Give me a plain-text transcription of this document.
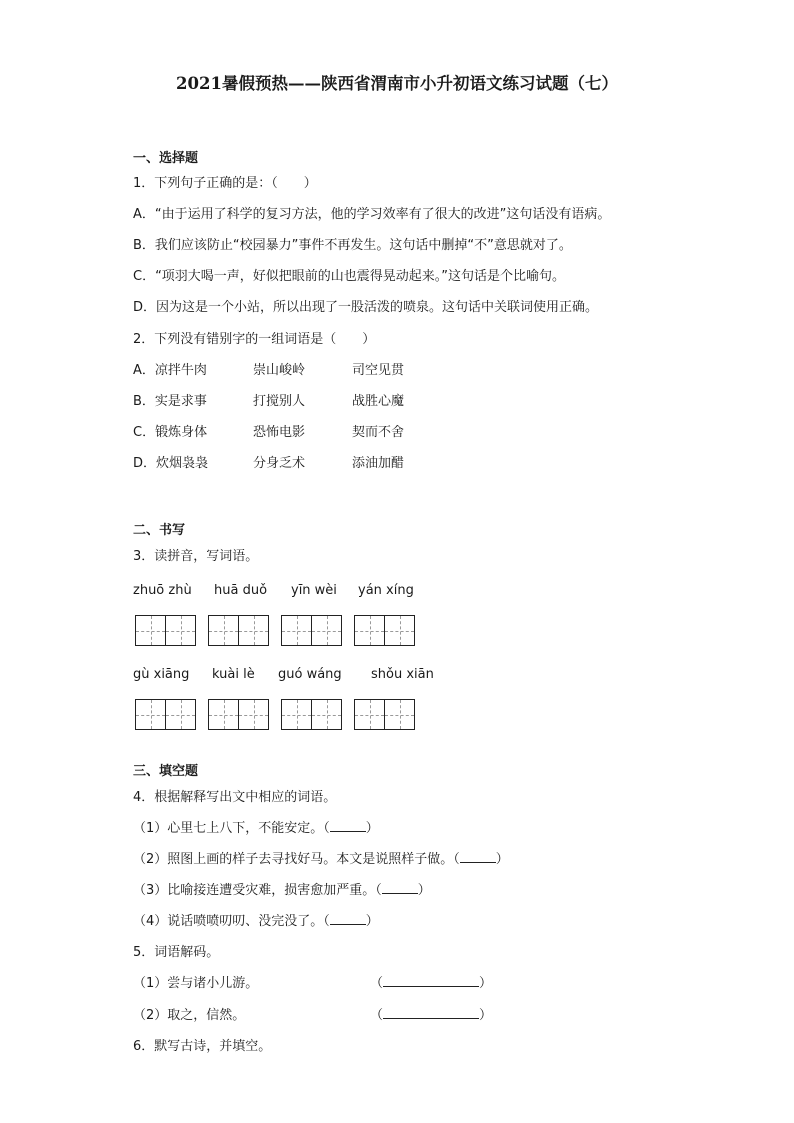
2021暑假预热——陕西省渭南市小升初语文练习试题（七）
一、选择题
1．下列句子正确的是：（　　）
A．“由于运用了科学的复习方法，他的学习效率有了很大的改进”这句话没有语病。
B．我们应该防止“校园暴力”事件不再发生。这句话中删掉“不”意思就对了。
C．“项羽大喝一声，好似把眼前的山也震得晃动起来。”这句话是个比喻句。
D．因为这是一个小站，所以出现了一股活泼的喷泉。这句话中关联词使用正确。
2．下列没有错别字的一组词语是（　　）
A．凉拌牛肉	崇山峻岭	司空见贯
B．实是求事	打搅别人	战胜心魔
C．锻炼身体	恐怖电影	契而不舍
D．炊烟袅袅	分身乏术	添油加醋
二、书写
3．读拼音，写词语。
zhuō zhù huā duǒ yīn wèi yán xíng
gù xiāng kuài lè guó wáng shǒu xiān
三、填空题
4．根据解释写出文中相应的词语。
（1）心里七上八下，不能安定。（	）
（2）照图上画的样子去寻找好马。本文是说照样子做。（	）
（3）比喻接连遭受灾难，损害愈加严重。（	）
（4）说话喷喷叨叨、没完没了。（	）
5．词语解码。
（1）尝与诸小儿游。	（	）
（2）取之，信然。	（	）
6．默写古诗，并填空。
